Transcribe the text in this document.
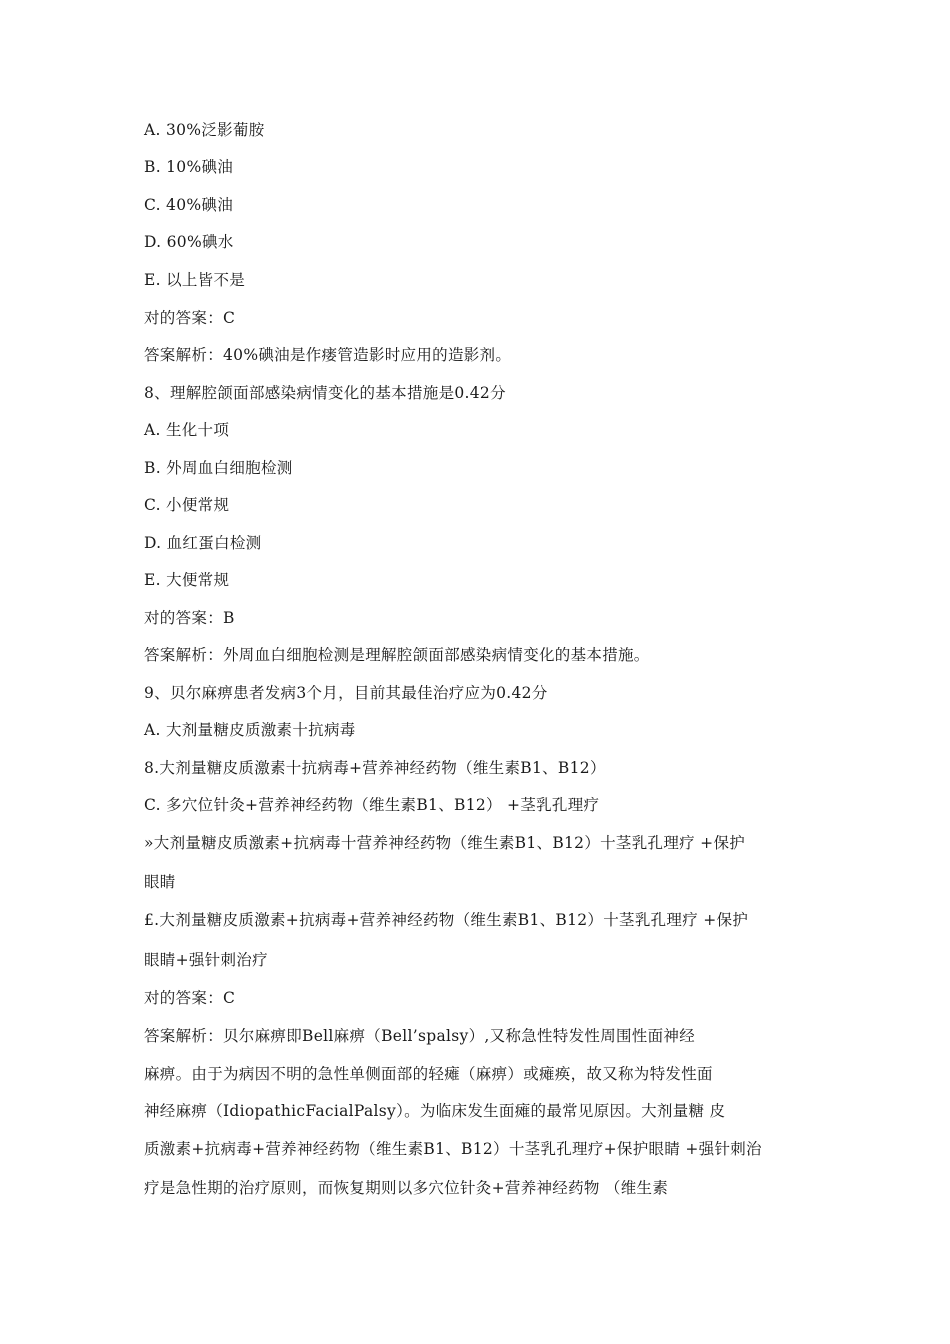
A. 30%泛影葡胺
B. 10%碘油
C. 40%碘油
D. 60%碘水
E. 以上皆不是
对的答案：C
答案解析：40%碘油是作瘘管造影时应用的造影剂。
8、理解腔颌面部感染病情变化的基本措施是0.42分
A. 生化十项
B. 外周血白细胞检测
C. 小便常规
D. 血红蛋白检测
E. 大便常规
对的答案：B
答案解析：外周血白细胞检测是理解腔颌面部感染病情变化的基本措施。
9、贝尔麻痹患者发病3个月，目前其最佳治疗应为0.42分
A. 大剂量糖皮质激素十抗病毒
8.大剂量糖皮质激素十抗病毒+营养神经药物（维生素B1、B12）
C. 多穴位针灸+营养神经药物（维生素B1、B12） +茎乳孔理疗
»大剂量糖皮质激素+抗病毒十营养神经药物（维生素B1、B12）十茎乳孔理疗 +保护
眼睛
£.大剂量糖皮质激素+抗病毒+营养神经药物（维生素B1、B12）十茎乳孔理疗 +保护
眼睛+强针刺治疗
对的答案：C
答案解析：贝尔麻痹即Bell麻痹（Bell’spalsy）,又称急性特发性周围性面神经
麻痹。由于为病因不明的急性单侧面部的轻瘫（麻痹）或瘫痪，故又称为特发性面
神经麻痹（IdiopathicFacialPalsy）。为临床发生面瘫的最常见原因。大剂量糖 皮
质激素+抗病毒+营养神经药物（维生素B1、B12）十茎乳孔理疗+保护眼睛 +强针刺治
疗是急性期的治疗原则，而恢复期则以多穴位针灸+营养神经药物 （维生素
